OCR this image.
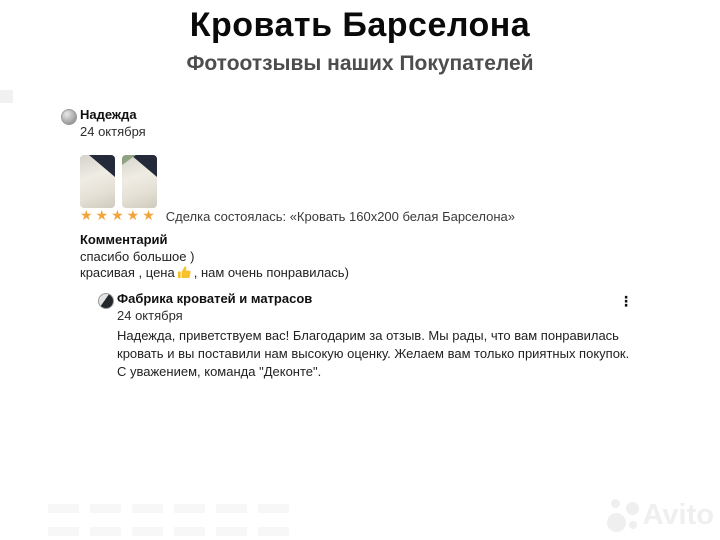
Кровать Барселона
Фотоотзывы наших Покупателей
Надежда
24 октября
★★★★★ Сделка состоялась: «Кровать 160х200 белая Барселона»
Комментарий
спасибо большое )
красивая , цена , нам очень понравилась)
Фабрика кроватей и матрасов
24 октября
Надежда, приветствуем вас! Благодарим за отзыв. Мы рады, что вам понравилась кровать и вы поставили нам высокую оценку. Желаем вам только приятных покупок. С уважением, команда "Деконте".
⋮
Avito
